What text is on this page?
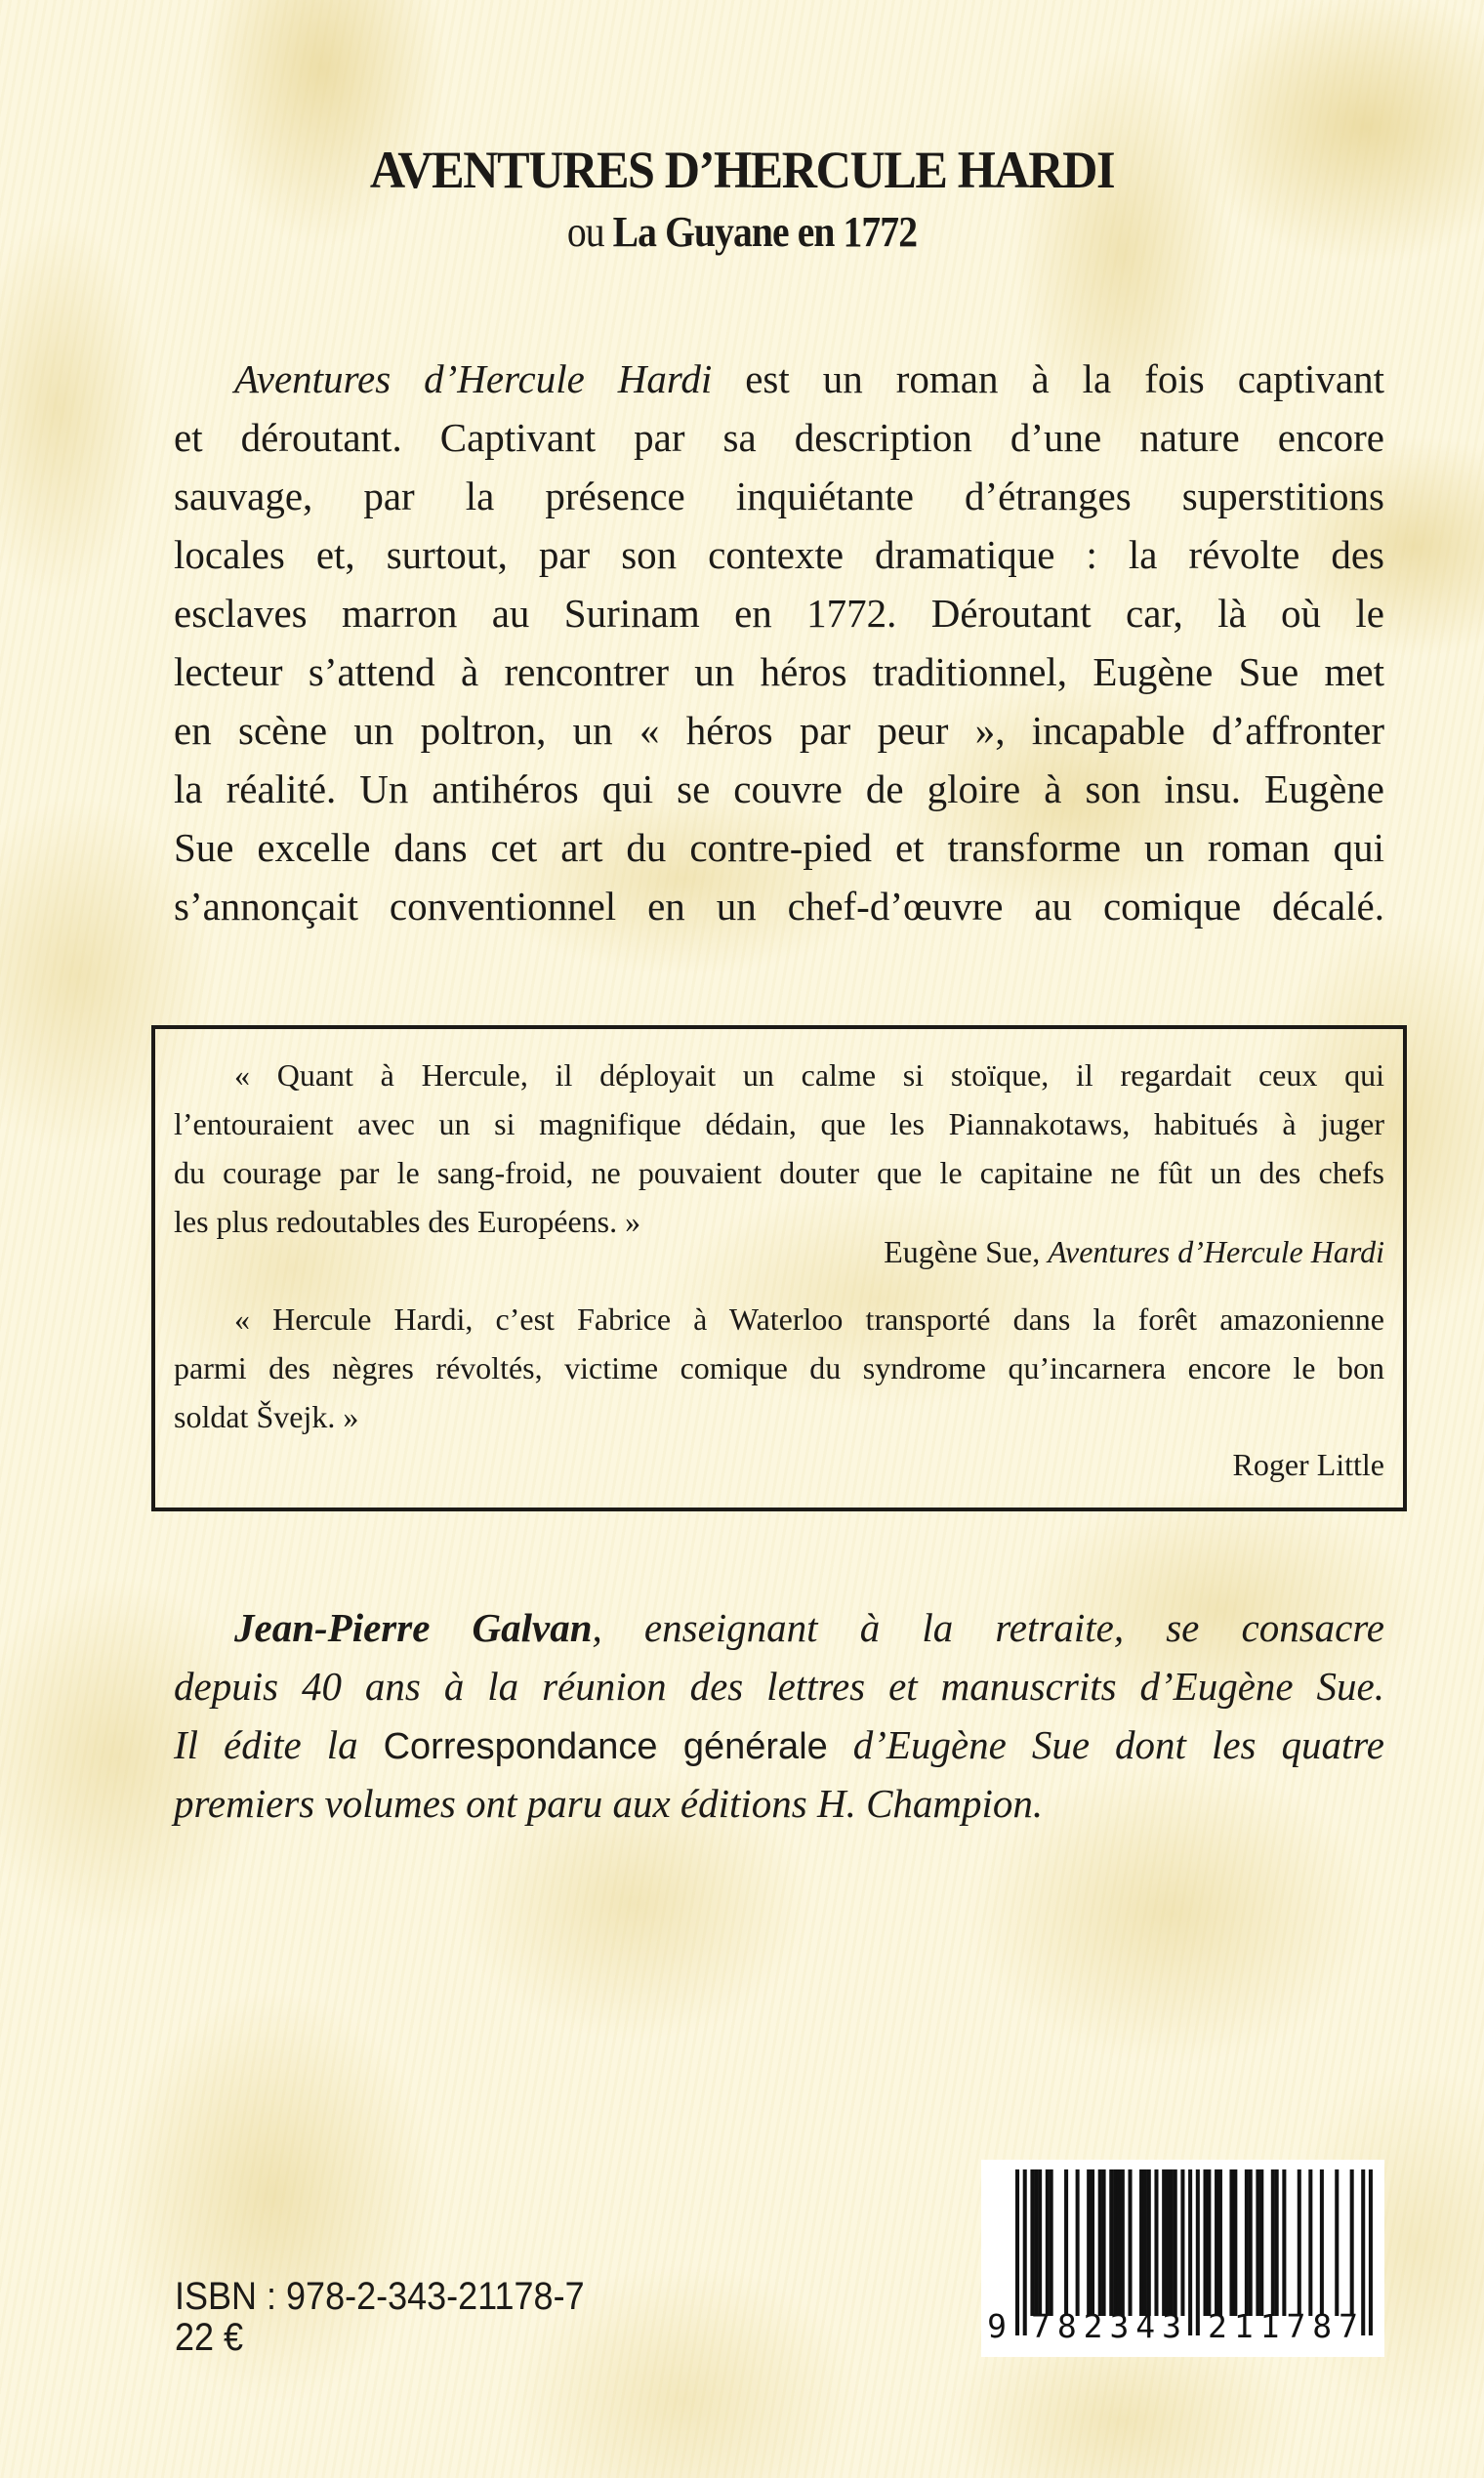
AVENTURES D’HERCULE HARDI
ou La Guyane en 1772
Aventures d’Hercule Hardi est un roman à la fois captivant
et déroutant. Captivant par sa description d’une nature encore
sauvage, par la présence inquiétante d’étranges superstitions
locales et, surtout, par son contexte dramatique : la révolte des
esclaves marron au Surinam en 1772. Déroutant car, là où le
lecteur s’attend à rencontrer un héros traditionnel, Eugène Sue met
en scène un poltron, un « héros par peur », incapable d’affronter
la réalité. Un antihéros qui se couvre de gloire à son insu. Eugène
Sue excelle dans cet art du contre-pied et transforme un roman qui
s’annonçait conventionnel en un chef-d’œuvre au comique décalé.
« Quant à Hercule, il déployait un calme si stoïque, il regardait ceux qui
l’entouraient avec un si magnifique dédain, que les Piannakotaws, habitués à juger
du courage par le sang-froid, ne pouvaient douter que le capitaine ne fût un des chefs
les plus redoutables des Européens. »
Eugène Sue, Aventures d’Hercule Hardi
« Hercule Hardi, c’est Fabrice à Waterloo transporté dans la forêt amazonienne
parmi des nègres révoltés, victime comique du syndrome qu’incarnera encore le bon
soldat Švejk. »
Roger Little
Jean-Pierre Galvan, enseignant à la retraite, se consacre
depuis 40 ans à la réunion des lettres et manuscrits d’Eugène Sue.
Il édite la Correspondance générale d’Eugène Sue dont les quatre
premiers volumes ont paru aux éditions H. Champion.
ISBN : 978-2-343-21178-7
22 €	9 782343 211787
